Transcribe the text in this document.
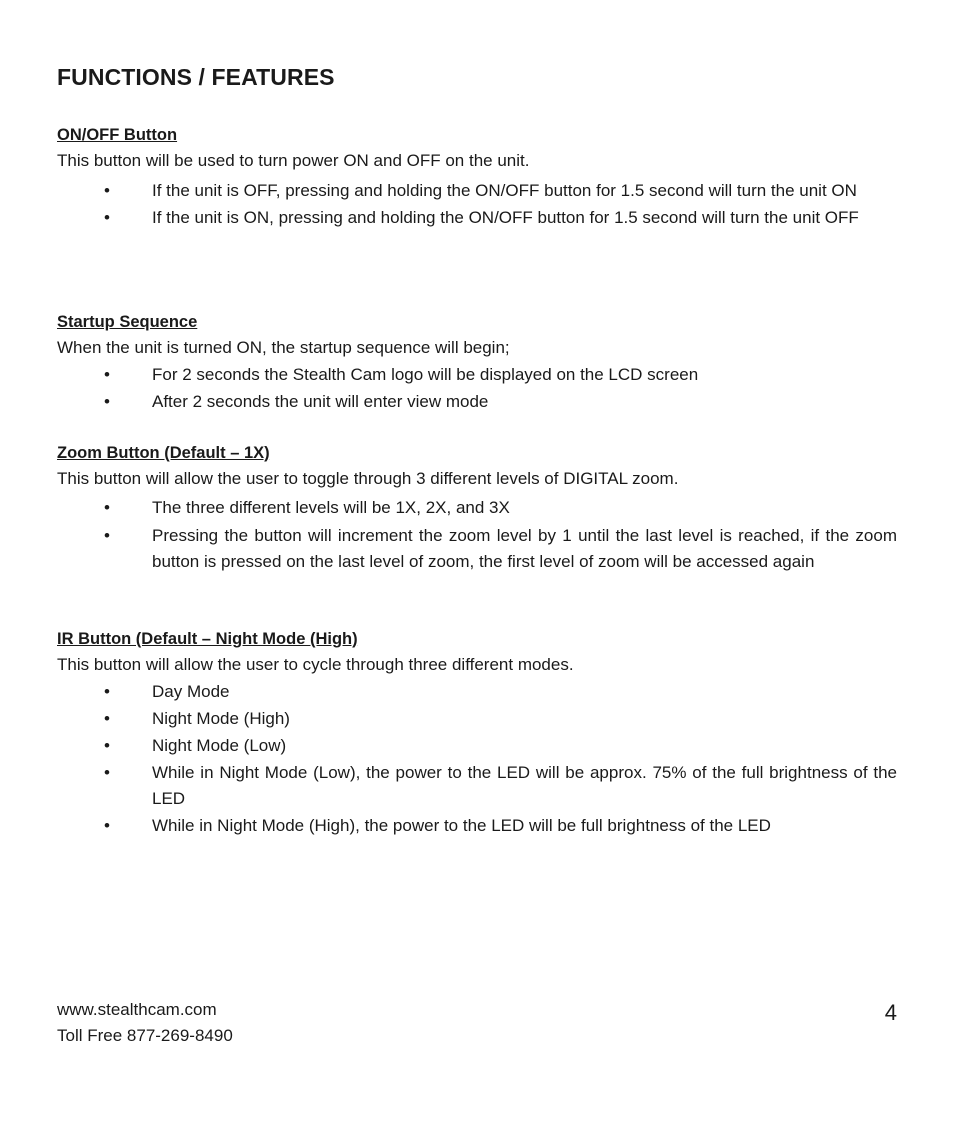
FUNCTIONS / FEATURES
ON/OFF Button
This button will be used to turn power ON and OFF on the unit.
• If the unit is OFF, pressing and holding the ON/OFF button for 1.5 second will turn the unit ON
• If the unit is ON, pressing and holding the ON/OFF button for 1.5 second will turn the unit OFF
Startup Sequence
When the unit is turned ON, the startup sequence will begin;
• For 2 seconds the Stealth Cam logo will be displayed on the LCD screen
• After 2 seconds the unit will enter view mode
Zoom Button (Default – 1X)
This button will allow the user to toggle through 3 different levels of DIGITAL zoom.
• The three different levels will be 1X, 2X, and 3X
• Pressing the button will increment the zoom level by 1 until the last level is reached, if the zoom button is pressed on the last level of zoom, the first level of zoom will be accessed again
IR Button (Default – Night Mode (High)
This button will allow the user to cycle through three different modes.
• Day Mode
• Night Mode (High)
• Night Mode (Low)
• While in Night Mode (Low), the power to the LED will be approx. 75% of the full brightness of the LED
• While in Night Mode (High), the power to the LED will be full brightness of the LED
www.stealthcam.com
Toll Free 877-269-8490
4
